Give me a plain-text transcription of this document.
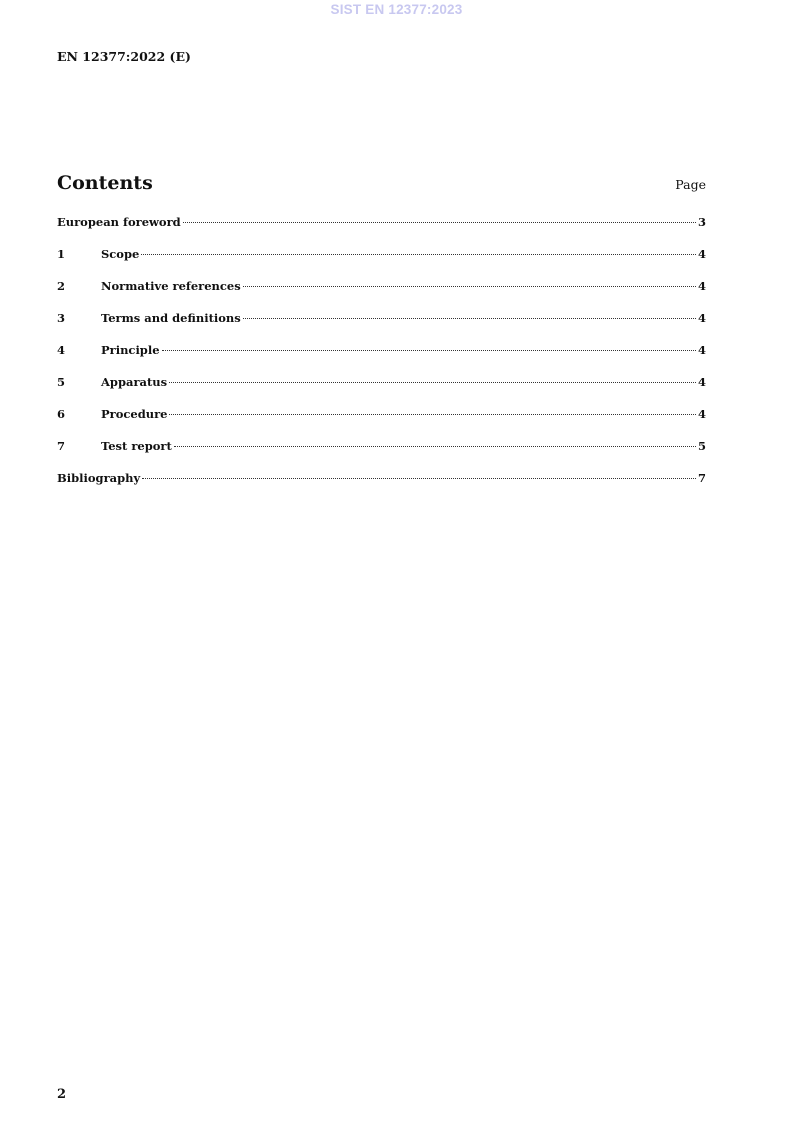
SIST EN 12377:2023
EN 12377:2022 (E)
Contents	Page
European foreword	3
1	Scope	4
2	Normative references	4
3	Terms and definitions	4
4	Principle	4
5	Apparatus	4
6	Procedure	4
7	Test report	5
Bibliography	7
2
